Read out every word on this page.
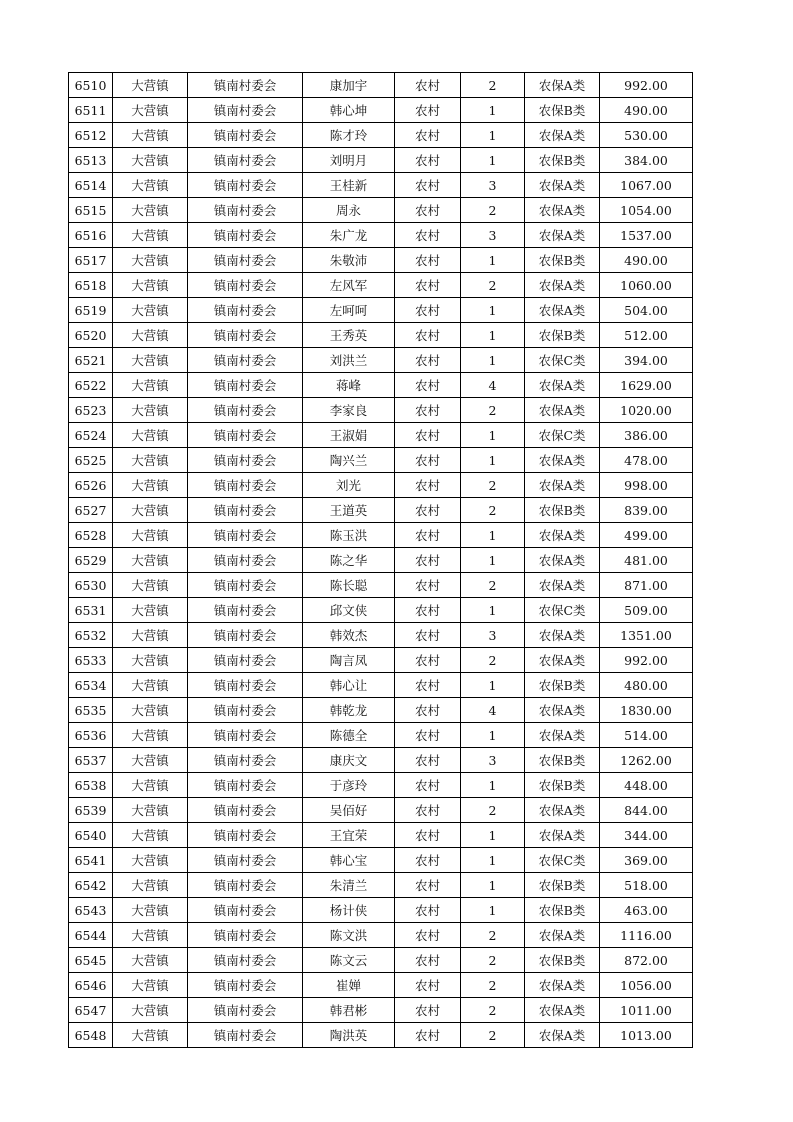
6510	大营镇	镇南村委会	康加宇	农村	2	农保A类	992.00
6511	大营镇	镇南村委会	韩心坤	农村	1	农保B类	490.00
6512	大营镇	镇南村委会	陈才玲	农村	1	农保A类	530.00
6513	大营镇	镇南村委会	刘明月	农村	1	农保B类	384.00
6514	大营镇	镇南村委会	王桂新	农村	3	农保A类	1067.00
6515	大营镇	镇南村委会	周永	农村	2	农保A类	1054.00
6516	大营镇	镇南村委会	朱广龙	农村	3	农保A类	1537.00
6517	大营镇	镇南村委会	朱敬沛	农村	1	农保B类	490.00
6518	大营镇	镇南村委会	左风军	农村	2	农保A类	1060.00
6519	大营镇	镇南村委会	左呵呵	农村	1	农保A类	504.00
6520	大营镇	镇南村委会	王秀英	农村	1	农保B类	512.00
6521	大营镇	镇南村委会	刘洪兰	农村	1	农保C类	394.00
6522	大营镇	镇南村委会	蒋峰	农村	4	农保A类	1629.00
6523	大营镇	镇南村委会	李家良	农村	2	农保A类	1020.00
6524	大营镇	镇南村委会	王淑娟	农村	1	农保C类	386.00
6525	大营镇	镇南村委会	陶兴兰	农村	1	农保A类	478.00
6526	大营镇	镇南村委会	刘光	农村	2	农保A类	998.00
6527	大营镇	镇南村委会	王道英	农村	2	农保B类	839.00
6528	大营镇	镇南村委会	陈玉洪	农村	1	农保A类	499.00
6529	大营镇	镇南村委会	陈之华	农村	1	农保A类	481.00
6530	大营镇	镇南村委会	陈长聪	农村	2	农保A类	871.00
6531	大营镇	镇南村委会	邱文侠	农村	1	农保C类	509.00
6532	大营镇	镇南村委会	韩效杰	农村	3	农保A类	1351.00
6533	大营镇	镇南村委会	陶言凤	农村	2	农保A类	992.00
6534	大营镇	镇南村委会	韩心让	农村	1	农保B类	480.00
6535	大营镇	镇南村委会	韩乾龙	农村	4	农保A类	1830.00
6536	大营镇	镇南村委会	陈德全	农村	1	农保A类	514.00
6537	大营镇	镇南村委会	康庆文	农村	3	农保B类	1262.00
6538	大营镇	镇南村委会	于彦玲	农村	1	农保B类	448.00
6539	大营镇	镇南村委会	吴佰好	农村	2	农保A类	844.00
6540	大营镇	镇南村委会	王宜荣	农村	1	农保A类	344.00
6541	大营镇	镇南村委会	韩心宝	农村	1	农保C类	369.00
6542	大营镇	镇南村委会	朱清兰	农村	1	农保B类	518.00
6543	大营镇	镇南村委会	杨计侠	农村	1	农保B类	463.00
6544	大营镇	镇南村委会	陈文洪	农村	2	农保A类	1116.00
6545	大营镇	镇南村委会	陈文云	农村	2	农保B类	872.00
6546	大营镇	镇南村委会	崔婵	农村	2	农保A类	1056.00
6547	大营镇	镇南村委会	韩君彬	农村	2	农保A类	1011.00
6548	大营镇	镇南村委会	陶洪英	农村	2	农保A类	1013.00
